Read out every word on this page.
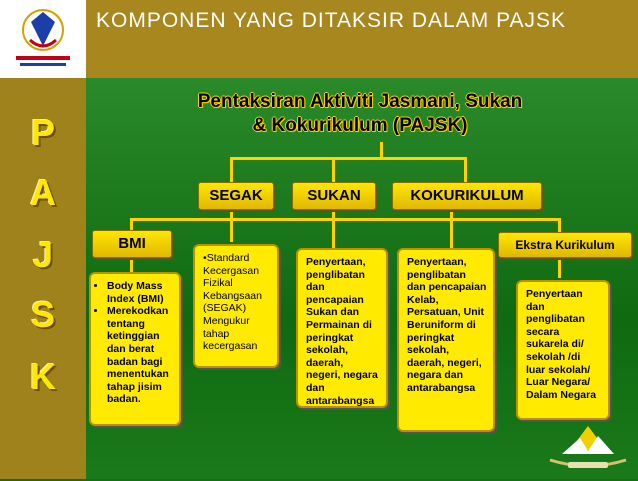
KOMPONEN YANG DITAKSIR DALAM PAJSK
P
A
J
S
K
Pentaksiran Aktiviti Jasmani, Sukan
& Kokurikulum (PAJSK)
SEGAK	SUKAN	KOKURIKULUM
BMI	Ekstra Kurikulum
• Body Mass Index (BMI)
• Merekodkan tentang ketinggian dan berat badan bagi menentukan tahap jisim badan.
•Standard Kecergasan Fizikal Kebangsaan (SEGAK) Mengukur tahap kecergasan
Penyertaan, penglibatan dan pencapaian Sukan dan Permainan di peringkat sekolah, daerah, negeri, negara dan antarabangsa
Penyertaan, penglibatan dan pencapaian Kelab, Persatuan, Unit Beruniform di peringkat sekolah, daerah, negeri, negara dan antarabangsa
Penyertaan dan penglibatan secara sukarela di/ sekolah /di luar sekolah/ Luar Negara/ Dalam Negara
